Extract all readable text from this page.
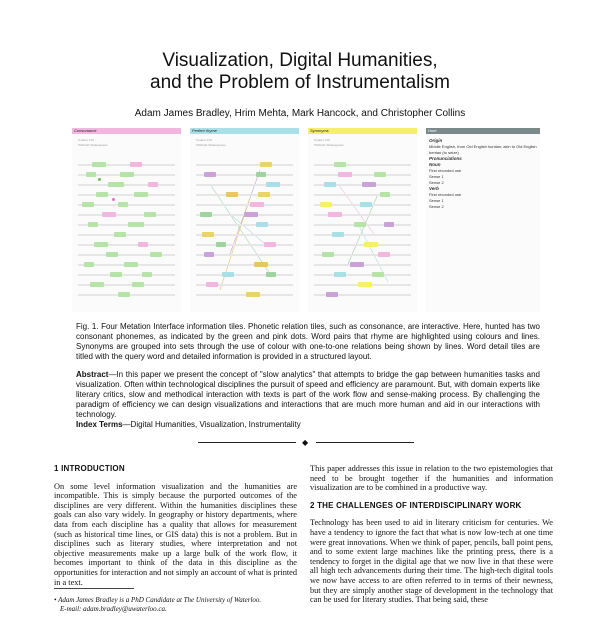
Visualization, Digital Humanities,
and the Problem of Instrumentalism
Adam James Bradley, Hrim Mehta, Mark Hancock, and Christopher Collins
Consonance
Sonnet 129
William Shakespeare
Perfect rhyme
Sonnet 129
William Shakespeare
Synonyms
Sonnet 129
William Shakespeare
Hunt
Origin
Middle English, from Old English huntian; akin to Old English hentan (to seize)
Pronunciations
Noun
First recorded use
Sense 1
Sense 2
Verb
First recorded use
Sense 1
Sense 2
Fig. 1. Four Metation Interface information tiles. Phonetic relation tiles, such as consonance, are interactive. Here, hunted has two consonant phonemes, as indicated by the green and pink dots. Word pairs that rhyme are highlighted using colours and lines. Synonyms are grouped into sets through the use of colour with one-to-one relations being shown by lines. Word detail tiles are titled with the query word and detailed information is provided in a structured layout.
Abstract—In this paper we present the concept of "slow analytics" that attempts to bridge the gap between humanities tasks and visualization. Often within technological disciplines the pursuit of speed and efficiency are paramount. But, with domain experts like literary critics, slow and methodical interaction with texts is part of the work flow and sense-making process. By challenging the paradigm of efficiency we can design visualizations and interactions that are much more human and aid in our interactions with technology.
Index Terms—Digital Humanities, Visualization, Instrumentality
◆
1 INTRODUCTION

On some level information visualization and the humanities are incompatible. This is simply because the purported outcomes of the disciplines are very different. Within the humanities disciplines these goals can also vary widely. In geography or history departments, where data from each discipline has a quality that allows for measurement (such as historical time lines, or GIS data) this is not a problem. But in disciplines such as literary studies, where interpretation and not objective measurements make up a large bulk of the work flow, it becomes important to think of the data in this discipline as the opportunities for interaction and not simply an account of what is printed in a text.

This paper addresses this issue in relation to the two epistemologies that need to be brought together if the humanities and information visualization are to be combined in a productive way.

2 THE CHALLENGES OF INTERDISCIPLINARY WORK

Technology has been used to aid in literary criticism for centuries. We have a tendency to ignore the fact that what is now low-tech at one time were great innovations. When we think of paper, pencils, ball point pens, and to some extent large machines like the printing press, there is a tendency to forget in the digital age that we now live in that these were all high tech advancements during their time. The high-tech digital tools we now have access to are often referred to in terms of their newness, but they are simply another stage of development in the technology that can be used for literary studies. That being said, these

• Adam James Bradley is a PhD Candidate at The University of Waterloo.
E-mail: adam.bradley@uwaterloo.ca.
